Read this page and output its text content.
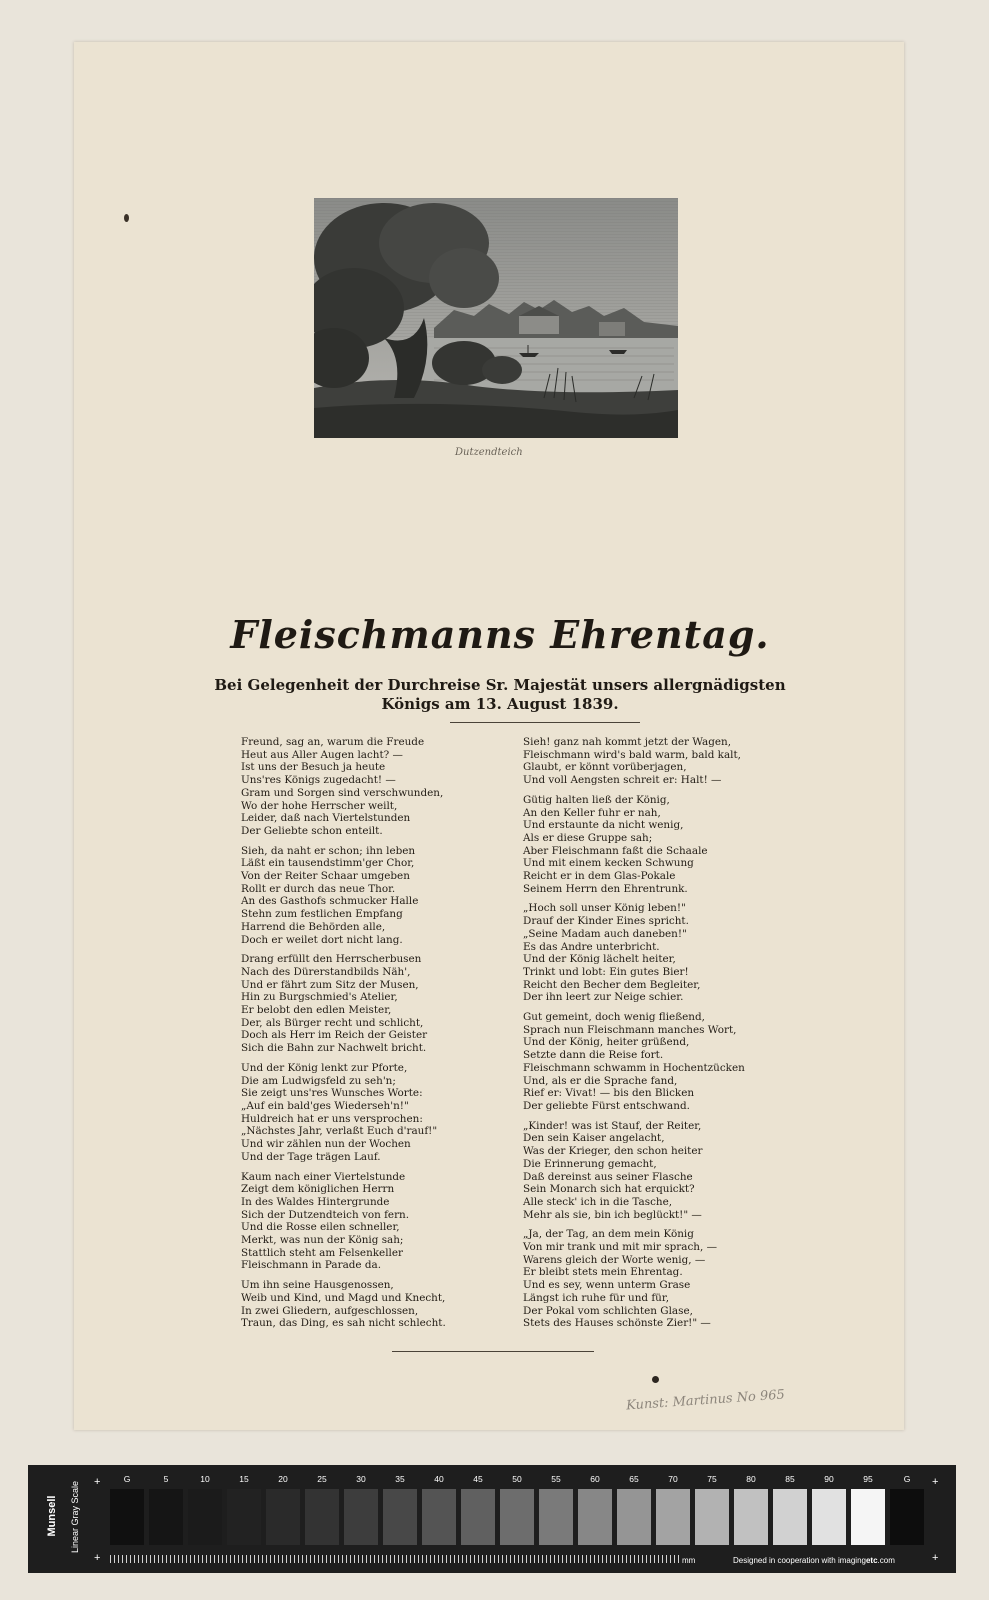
Dutzendteich
Fleischmanns Ehrentag.
Bei Gelegenheit der Durchreise Sr. Majestät unsers allergnädigsten
Königs am 13. August 1839.
Freund, sag an, warum die Freude
Heut aus Aller Augen lacht? —
Ist uns der Besuch ja heute
Uns'res Königs zugedacht! —
Gram und Sorgen sind verschwunden,
Wo der hohe Herrscher weilt,
Leider, daß nach Viertelstunden
Der Geliebte schon enteilt.
Sieh, da naht er schon; ihn leben
Läßt ein tausendstimm'ger Chor,
Von der Reiter Schaar umgeben
Rollt er durch das neue Thor.
An des Gasthofs schmucker Halle
Stehn zum festlichen Empfang
Harrend die Behörden alle,
Doch er weilet dort nicht lang.
Drang erfüllt den Herrscherbusen
Nach des Dürerstandbilds Näh',
Und er fährt zum Sitz der Musen,
Hin zu Burgschmied's Atelier,
Er belobt den edlen Meister,
Der, als Bürger recht und schlicht,
Doch als Herr im Reich der Geister
Sich die Bahn zur Nachwelt bricht.
Und der König lenkt zur Pforte,
Die am Ludwigsfeld zu seh'n;
Sie zeigt uns'res Wunsches Worte:
„Auf ein bald'ges Wiederseh'n!"
Huldreich hat er uns versprochen:
„Nächstes Jahr, verlaßt Euch d'rauf!"
Und wir zählen nun der Wochen
Und der Tage trägen Lauf.
Kaum nach einer Viertelstunde
Zeigt dem königlichen Herrn
In des Waldes Hintergrunde
Sich der Dutzendteich von fern.
Und die Rosse eilen schneller,
Merkt, was nun der König sah;
Stattlich steht am Felsenkeller
Fleischmann in Parade da.
Um ihn seine Hausgenossen,
Weib und Kind, und Magd und Knecht,
In zwei Gliedern, aufgeschlossen,
Traun, das Ding, es sah nicht schlecht.
Sieh! ganz nah kommt jetzt der Wagen,
Fleischmann wird's bald warm, bald kalt,
Glaubt, er könnt vorüberjagen,
Und voll Aengsten schreit er: Halt! —
Gütig halten ließ der König,
An den Keller fuhr er nah,
Und erstaunte da nicht wenig,
Als er diese Gruppe sah;
Aber Fleischmann faßt die Schaale
Und mit einem kecken Schwung
Reicht er in dem Glas-Pokale
Seinem Herrn den Ehrentrunk.
„Hoch soll unser König leben!"
Drauf der Kinder Eines spricht.
„Seine Madam auch daneben!"
Es das Andre unterbricht.
Und der König lächelt heiter,
Trinkt und lobt: Ein gutes Bier!
Reicht den Becher dem Begleiter,
Der ihn leert zur Neige schier.
Gut gemeint, doch wenig fließend,
Sprach nun Fleischmann manches Wort,
Und der König, heiter grüßend,
Setzte dann die Reise fort.
Fleischmann schwamm in Hochentzücken
Und, als er die Sprache fand,
Rief er: Vivat! — bis den Blicken
Der geliebte Fürst entschwand.
„Kinder! was ist Stauf, der Reiter,
Den sein Kaiser angelacht,
Was der Krieger, den schon heiter
Die Erinnerung gemacht,
Daß dereinst aus seiner Flasche
Sein Monarch sich hat erquickt?
Alle steck' ich in die Tasche,
Mehr als sie, bin ich beglückt!" —
„Ja, der Tag, an dem mein König
Von mir trank und mit mir sprach, —
Warens gleich der Worte wenig, —
Er bleibt stets mein Ehrentag.
Und es sey, wenn unterm Grase
Längst ich ruhe für und für,
Der Pokal vom schlichten Glase,
Stets des Hauses schönste Zier!" —
Kunst: Martinus No 965
Munsell Linear Gray Scale +
+
+
+
G	5	10	15	20	25	30	35	40	45	50	55	60	65	70	75	80	85	90	95	G
mm	Designed in cooperation with imagingetc.com
